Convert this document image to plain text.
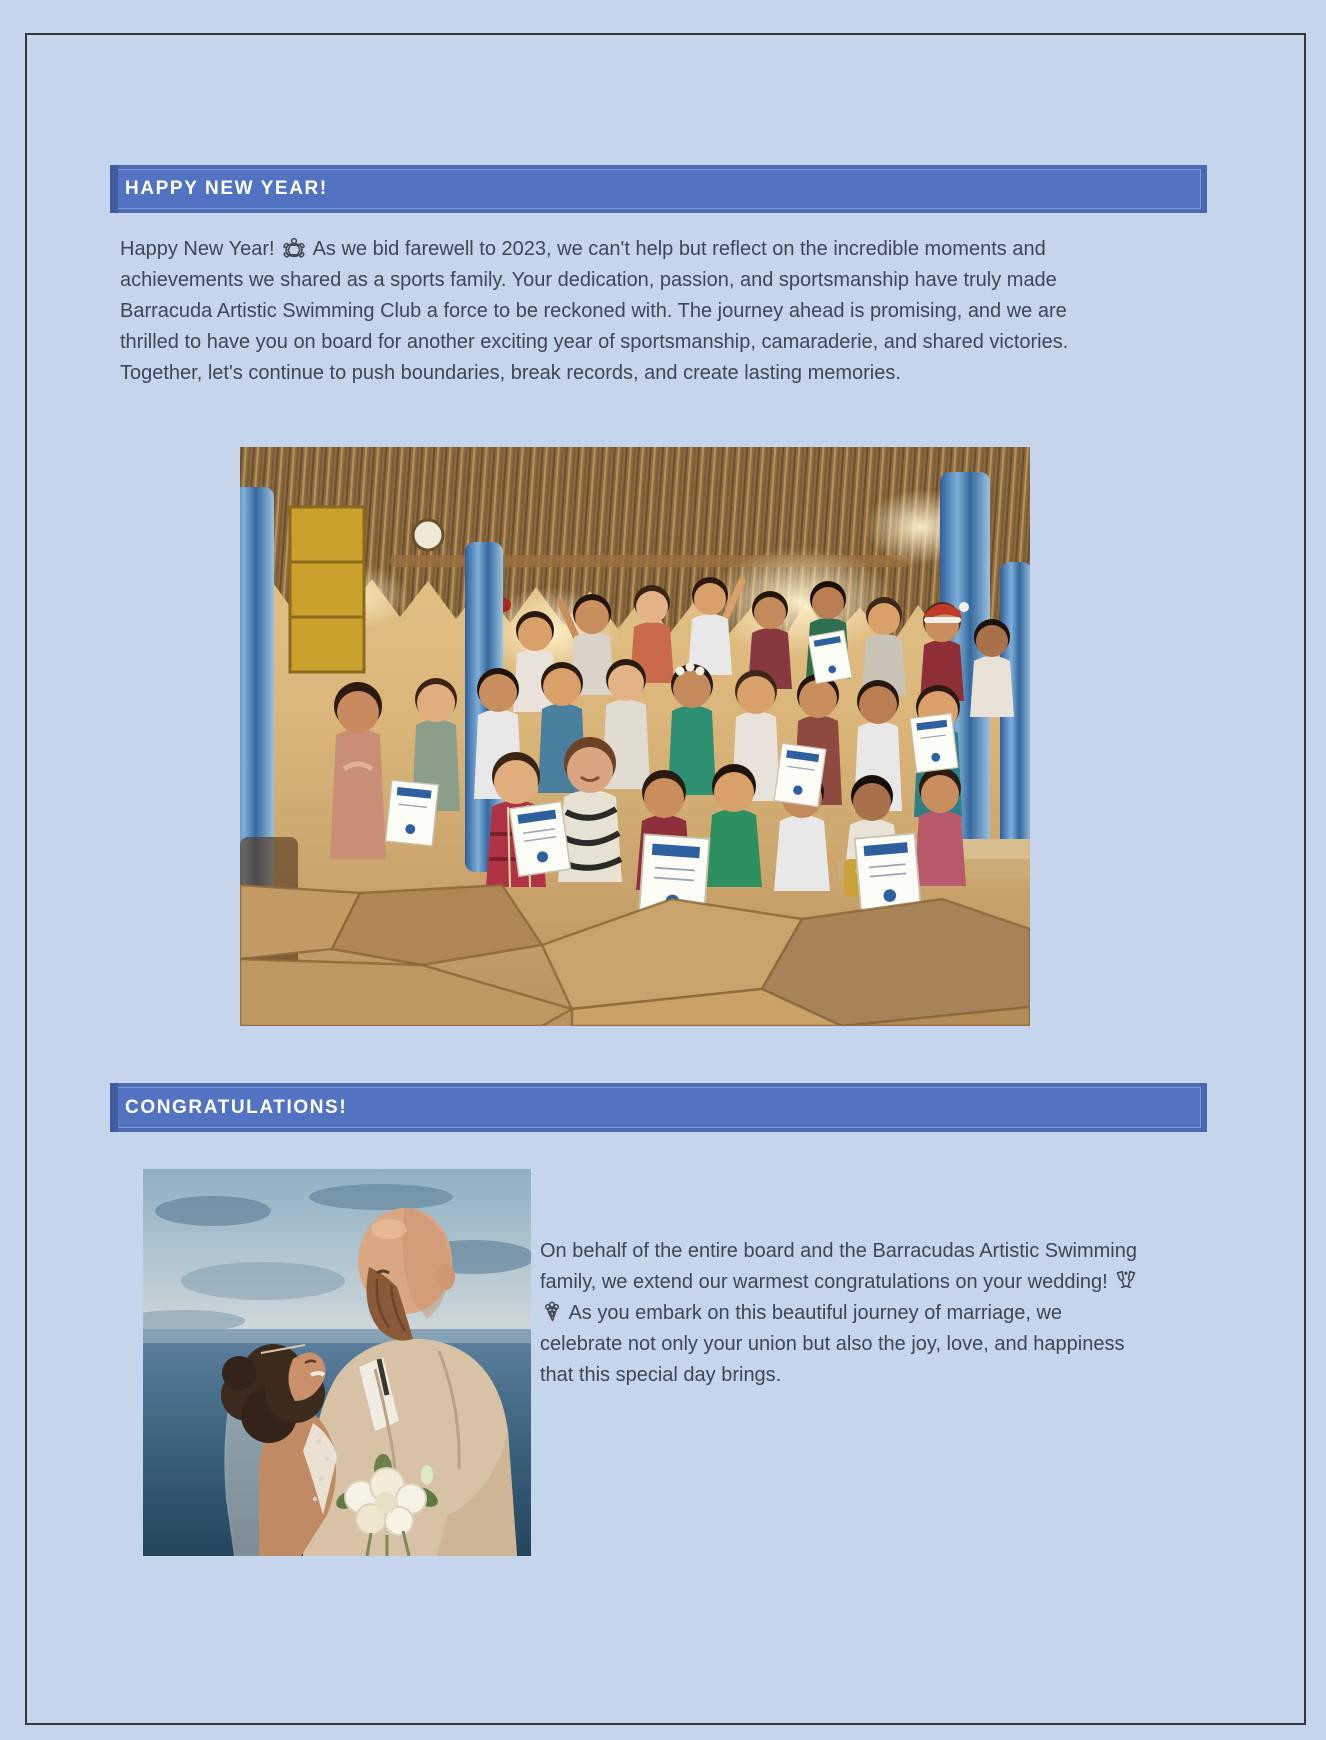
HAPPY NEW YEAR!

Happy New Year!
As we bid farewell to 2023, we can't help but reflect on the incredible moments and achievements we shared as a sports family. Your dedication, passion, and sportsmanship have truly made Barracuda Artistic Swimming Club a force to be reckoned with. The journey ahead is promising, and we are thrilled to have you on board for another exciting year of sportsmanship, camaraderie, and shared victories. Together, let's continue to push boundaries, break records, and create lasting memories.

CONGRATULATIONS!

On behalf of the entire board and the Barracudas Artistic Swimming family, we extend our warmest congratulations on your wedding!
As you embark on this beautiful journey of marriage, we celebrate not only your union but also the joy, love, and happiness that this special day brings.
